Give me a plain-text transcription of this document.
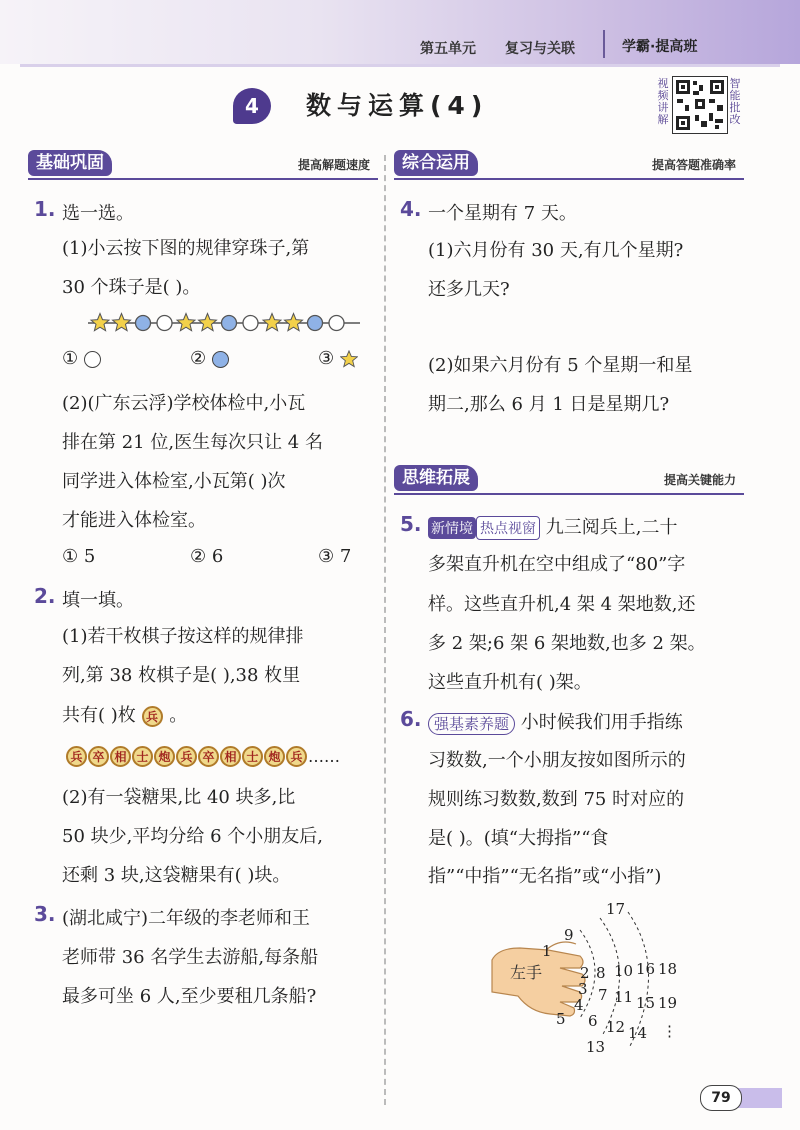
第五单元 复习与关联	学霸·提高班
4	数与运算(4)
视频讲解
智能批改
基础巩固	提高解题速度	综合运用	提高答题准确率
思维拓展	提高关键能力
1. 选一选。
(1)小云按下图的规律穿珠子,第
30 个珠子是( )。
①	②	③
(2)(广东云浮)学校体检中,小瓦
排在第 21 位,医生每次只让 4 名
同学进入体检室,小瓦第( )次
才能进入体检室。
① 5	② 6	③ 7
2. 填一填。
(1)若干枚棋子按这样的规律排
列,第 38 枚棋子是( ),38 枚里
共有( )枚 兵 。
兵 卒 相 士 炮 兵 卒 相 士 炮 兵 ……
(2)有一袋糖果,比 40 块多,比
50 块少,平均分给 6 个小朋友后,
还剩 3 块,这袋糖果有( )块。
3. (湖北咸宁)二年级的李老师和王
老师带 36 名学生去游船,每条船
最多可坐 6 人,至少要租几条船?
4. 一个星期有 7 天。
(1)六月份有 30 天,有几个星期?
还多几天?
(2)如果六月份有 5 个星期一和星
期二,那么 6 月 1 日是星期几?
5. 新情境 热点视窗 九三阅兵上,二十
多架直升机在空中组成了“80”字
样。这些直升机,4 架 4 架地数,还
多 2 架;6 架 6 架地数,也多 2 架。
这些直升机有( )架。
6. 强基素养题 小时候我们用手指练
习数数,一个小朋友按如图所示的
规则练习数数,数到 75 时对应的
是( )。(填“大拇指”“食
指”“中指”“无名指”或“小指”)
左手
17
9
1
2 8 10 16 18
3 7 11 15 19
4
6 12 14
5
13
⋮
79
